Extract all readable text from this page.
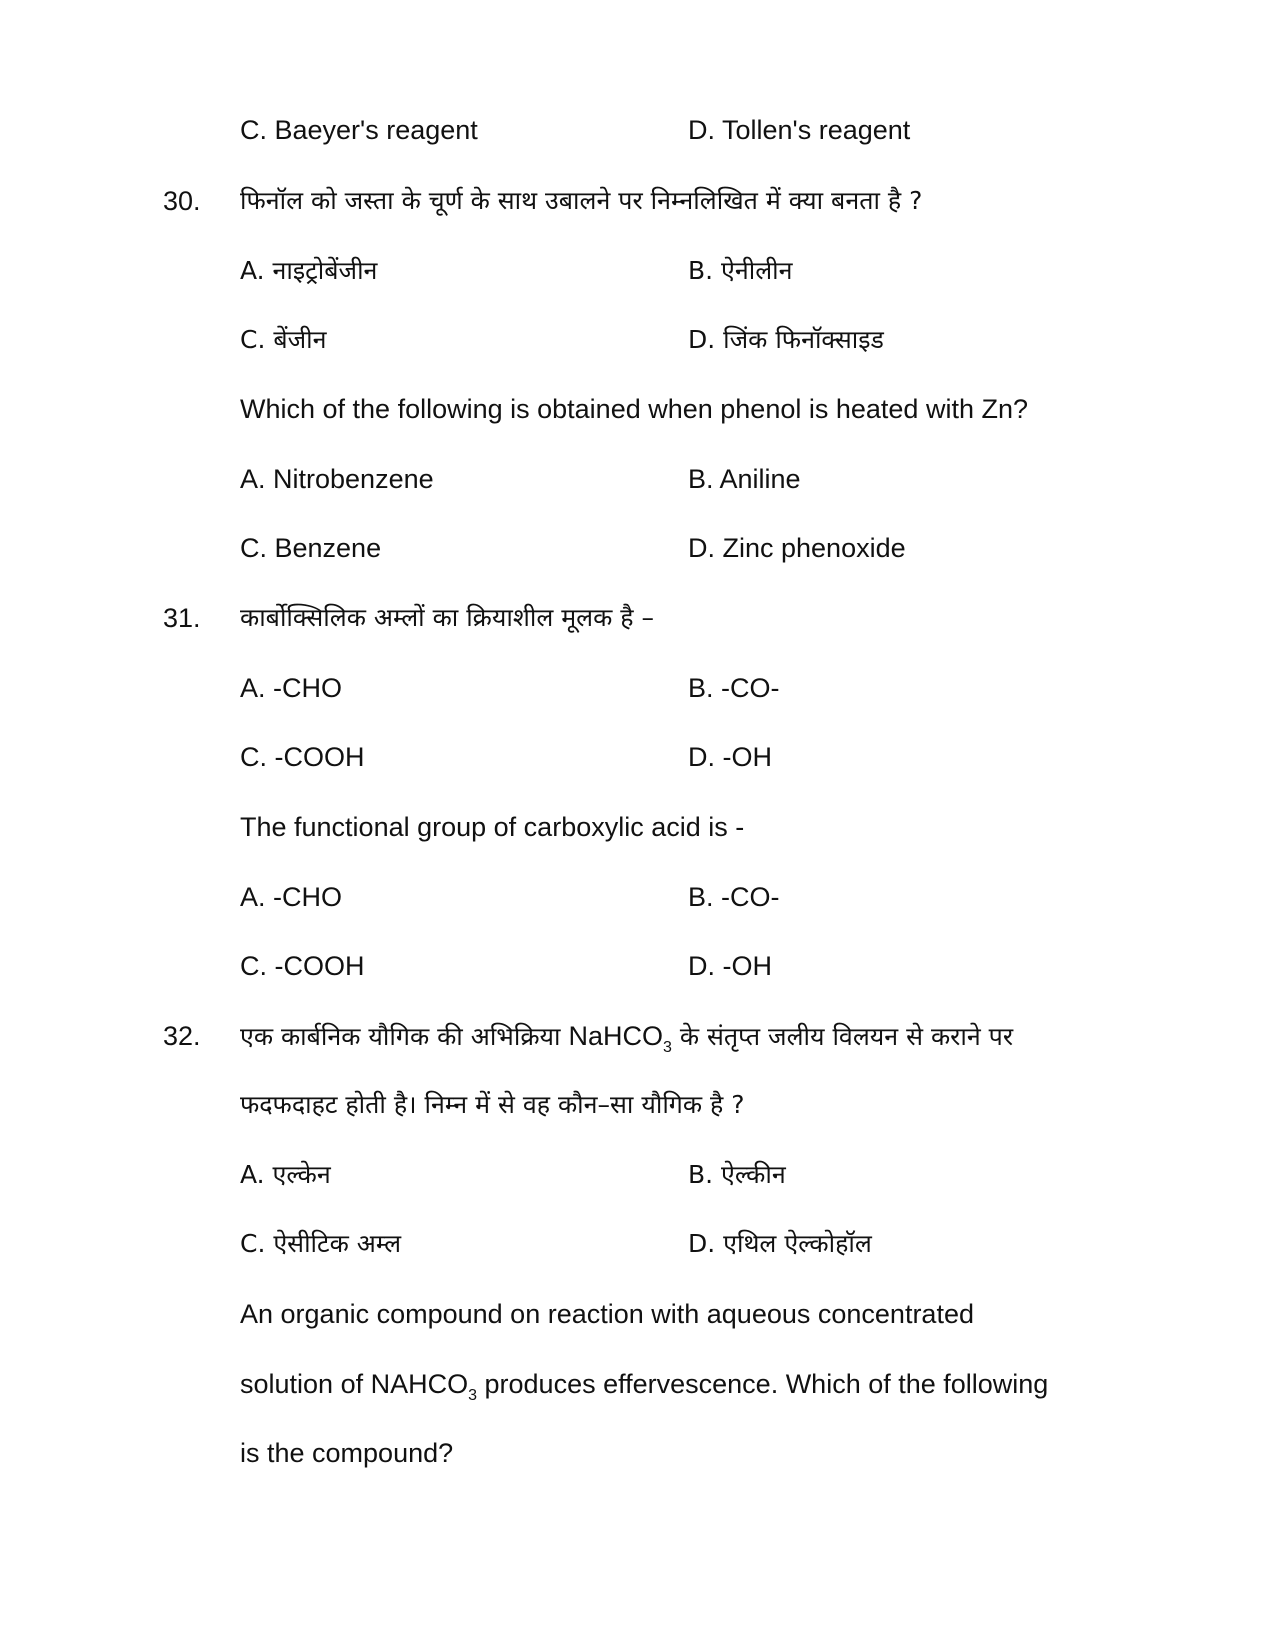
C. Baeyer's reagent	D. Tollen's reagent
30. फिनॉल को जस्ता के चूर्ण के साथ उबालने पर निम्नलिखित में क्या बनता है ?
A. नाइट्रोबेंजीन	B. ऐनीलीन
C. बेंजीन	D. जिंक फिनॉक्साइड
Which of the following is obtained when phenol is heated with Zn?
A. Nitrobenzene	B. Aniline
C. Benzene	D. Zinc phenoxide
31. कार्बोक्सिलिक अम्लों का क्रियाशील मूलक है –
A. -CHO	B. -CO-
C. -COOH	D. -OH
The functional group of carboxylic acid is -
A. -CHO	B. -CO-
C. -COOH	D. -OH
32. एक कार्बनिक यौगिक की अभिक्रिया NaHCO$_3$ के संतृप्त जलीय विलयन से कराने पर
फदफदाहट होती है। निम्न में से वह कौन–सा यौगिक है ?
A. एल्केन	B. ऐल्कीन
C. ऐसीटिक अम्ल	D. एथिल ऐल्कोहॉल
An organic compound on reaction with aqueous concentrated
solution of $NAHCO_3$ produces effervescence. Which of the following
is the compound?
